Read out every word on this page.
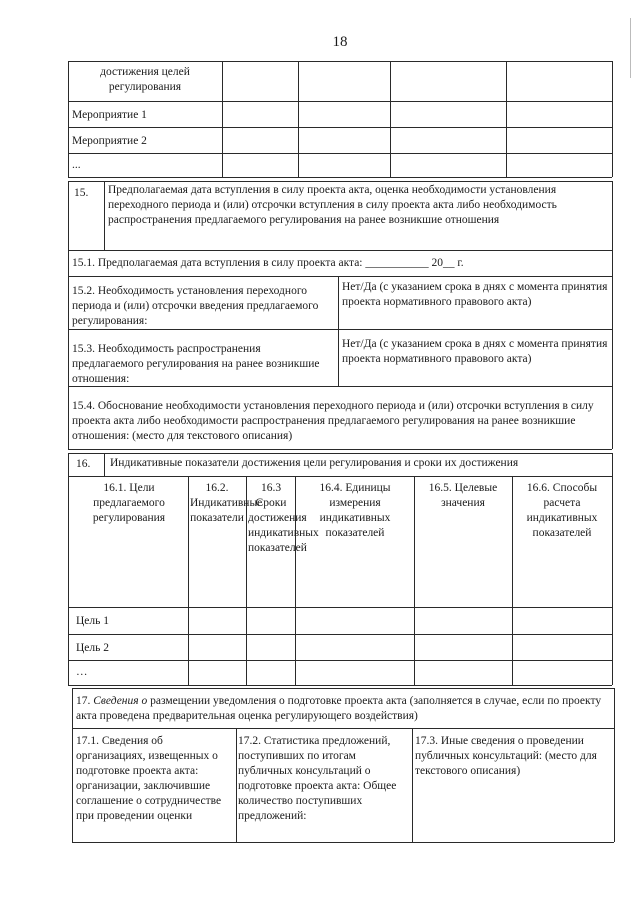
18
достижения целей регулирования
Мероприятие 1
Мероприятие 2
...
15. Предполагаемая дата вступления в силу проекта акта, оценка необходимости установления переходного периода и (или) отсрочки вступления в силу проекта акта либо необходимость распространения предлагаемого регулирования на ранее возникшие отношения
15.1. Предполагаемая дата вступления в силу проекта акта: ___________ 20__ г.
15.2. Необходимость установления переходного периода и (или) отсрочки введения предлагаемого регулирования:
Нет/Да (с указанием срока в днях с момента принятия проекта нормативного правового акта)
15.3. Необходимость распространения предлагаемого регулирования на ранее возникшие отношения:
Нет/Да (с указанием срока в днях с момента принятия проекта нормативного правового акта)
15.4. Обоснование необходимости установления переходного периода и (или) отсрочки вступления в силу проекта акта либо необходимости распространения предлагаемого регулирования на ранее возникшие отношения: (место для текстового описания)
16. Индикативные показатели достижения цели регулирования и сроки их достижения
16.1. Цели предлагаемого регулирования
16.2. Индикативные показатели
16.3 Сроки достижения индикативных показателей
16.4. Единицы измерения индикативных показателей
16.5. Целевые значения
16.6. Способы расчета индикативных показателей
Цель 1
Цель 2
…
17. Сведения о размещении уведомления о подготовке проекта акта (заполняется в случае, если по проекту акта проведена предварительная оценка регулирующего воздействия)
17.1. Сведения об организациях, извещенных о подготовке проекта акта: организации, заключившие соглашение о сотрудничестве при проведении оценки
17.2. Статистика предложений, поступивших по итогам публичных консультаций о подготовке проекта акта: Общее количество поступивших предложений:
17.3. Иные сведения о проведении публичных консультаций: (место для текстового описания)
